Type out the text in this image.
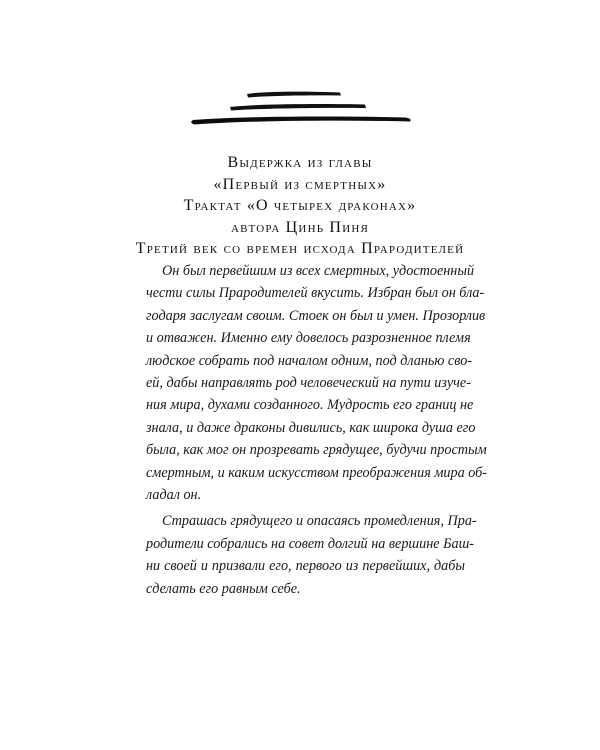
Выдержка из главы
«Первый из смертных»
Трактат «О четырех драконах»
автора Цинь Пиня
Третий век со времен исхода Прародителей

Он был первейшим из всех смертных, удостоенный
чести силы Прародителей вкусить. Избран был он бла-
годаря заслугам своим. Стоек он был и умен. Прозорлив
и отважен. Именно ему довелось разрозненное племя
людское собрать под началом одним, под дланью сво-
ей, дабы направлять род человеческий на пути изуче-
ния мира, духами созданного. Мудрость его границ не
знала, и даже драконы дивились, как широка душа его
была, как мог он прозревать грядущее, будучи простым
смертным, и каким искусством преображения мира об-
ладал он.

Страшась грядущего и опасаясь промедления, Пра-
родители собрались на совет долгий на вершине Баш-
ни своей и призвали его, первого из первейших, дабы
сделать его равным себе.
